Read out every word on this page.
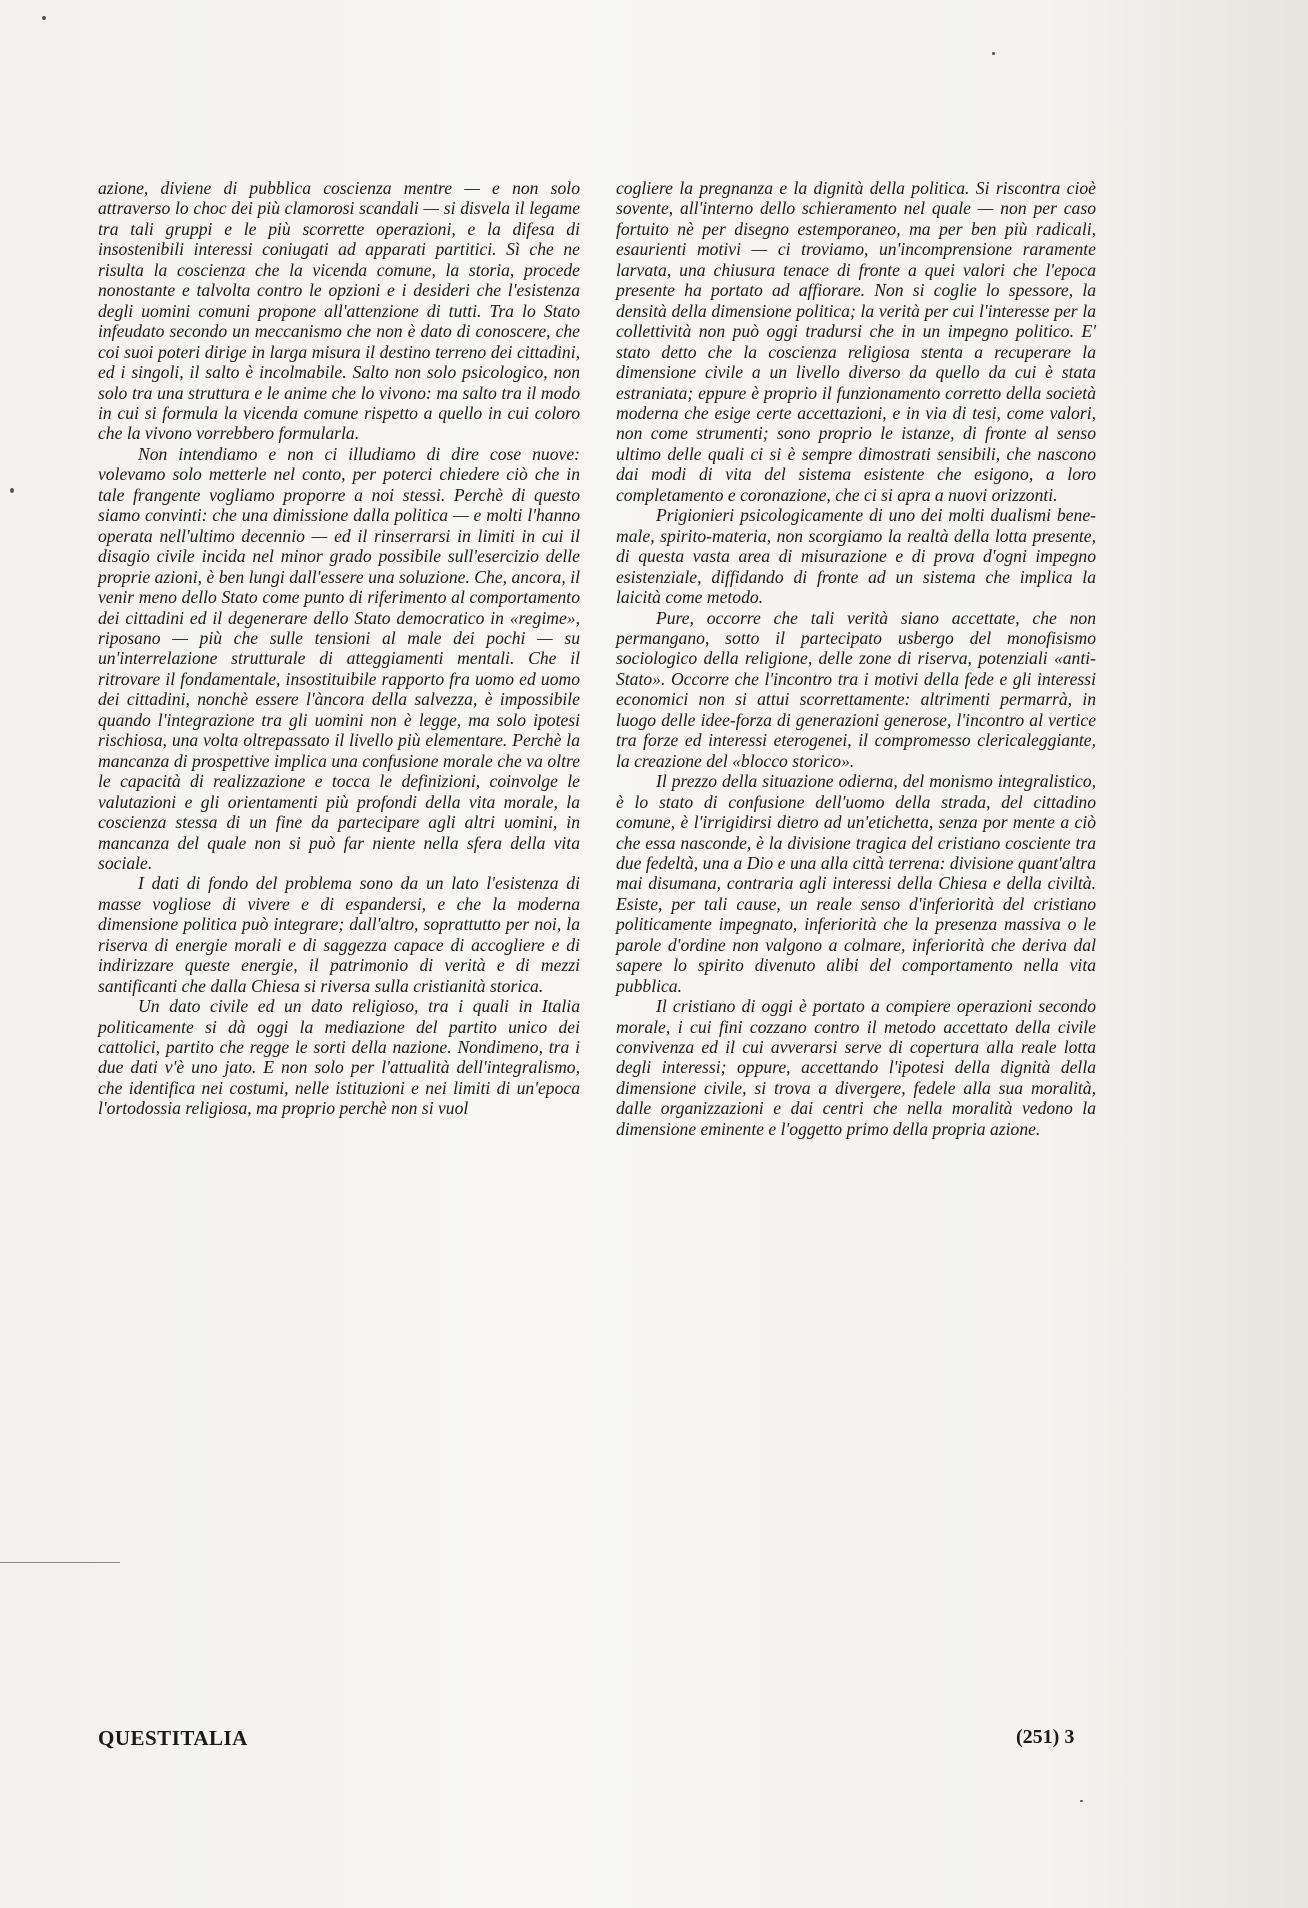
azione, diviene di pubblica coscienza mentre — e non solo attraverso lo choc dei più clamorosi scandali — si disvela il legame tra tali gruppi e le più scorrette operazioni, e la difesa di insostenibili interessi coniugati ad apparati partitici. Sì che ne risulta la coscienza che la vicenda comune, la storia, procede nonostante e talvolta contro le opzioni e i desideri che l'esistenza degli uomini comuni propone all'attenzione di tutti. Tra lo Stato infeudato secondo un meccanismo che non è dato di conoscere, che coi suoi poteri dirige in larga misura il destino terreno dei cittadini, ed i singoli, il salto è incolmabile. Salto non solo psicologico, non solo tra una struttura e le anime che lo vivono: ma salto tra il modo in cui si formula la vicenda comune rispetto a quello in cui coloro che la vivono vorrebbero formularla.

Non intendiamo e non ci illudiamo di dire cose nuove: volevamo solo metterle nel conto, per poterci chiedere ciò che in tale frangente vogliamo proporre a noi stessi. Perchè di questo siamo convinti: che una dimissione dalla politica — e molti l'hanno operata nell'ultimo decennio — ed il rinserrarsi in limiti in cui il disagio civile incida nel minor grado possibile sull'esercizio delle proprie azioni, è ben lungi dall'essere una soluzione. Che, ancora, il venir meno dello Stato come punto di riferimento al comportamento dei cittadini ed il degenerare dello Stato democratico in «regime», riposano — più che sulle tensioni al male dei pochi — su un'interrelazione strutturale di atteggiamenti mentali. Che il ritrovare il fondamentale, insostituibile rapporto fra uomo ed uomo dei cittadini, nonchè essere l'àncora della salvezza, è impossibile quando l'integrazione tra gli uomini non è legge, ma solo ipotesi rischiosa, una volta oltrepassato il livello più elementare. Perchè la mancanza di prospettive implica una confusione morale che va oltre le capacità di realizzazione e tocca le definizioni, coinvolge le valutazioni e gli orientamenti più profondi della vita morale, la coscienza stessa di un fine da partecipare agli altri uomini, in mancanza del quale non si può far niente nella sfera della vita sociale.

I dati di fondo del problema sono da un lato l'esistenza di masse vogliose di vivere e di espandersi, e che la moderna dimensione politica può integrare; dall'altro, soprattutto per noi, la riserva di energie morali e di saggezza capace di accogliere e di indirizzare queste energie, il patrimonio di verità e di mezzi santificanti che dalla Chiesa si riversa sulla cristianità storica.

Un dato civile ed un dato religioso, tra i quali in Italia politicamente si dà oggi la mediazione del partito unico dei cattolici, partito che regge le sorti della nazione. Nondimeno, tra i due dati v'è uno jato. E non solo per l'attualità dell'integralismo, che identifica nei costumi, nelle istituzioni e nei limiti di un'epoca l'ortodossia religiosa, ma proprio perchè non si vuol

cogliere la pregnanza e la dignità della politica. Si riscontra cioè sovente, all'interno dello schieramento nel quale — non per caso fortuito nè per disegno estemporaneo, ma per ben più radicali, esaurienti motivi — ci troviamo, un'incomprensione raramente larvata, una chiusura tenace di fronte a quei valori che l'epoca presente ha portato ad affiorare. Non si coglie lo spessore, la densità della dimensione politica; la verità per cui l'interesse per la collettività non può oggi tradursi che in un impegno politico. E' stato detto che la coscienza religiosa stenta a recuperare la dimensione civile a un livello diverso da quello da cui è stata estraniata; eppure è proprio il funzionamento corretto della società moderna che esige certe accettazioni, e in via di tesi, come valori, non come strumenti; sono proprio le istanze, di fronte al senso ultimo delle quali ci si è sempre dimostrati sensibili, che nascono dai modi di vita del sistema esistente che esigono, a loro completamento e coronazione, che ci si apra a nuovi orizzonti.

Prigionieri psicologicamente di uno dei molti dualismi bene-male, spirito-materia, non scorgiamo la realtà della lotta presente, di questa vasta area di misurazione e di prova d'ogni impegno esistenziale, diffidando di fronte ad un sistema che implica la laicità come metodo.

Pure, occorre che tali verità siano accettate, che non permangano, sotto il partecipato usbergo del monofisismo sociologico della religione, delle zone di riserva, potenziali «anti-Stato». Occorre che l'incontro tra i motivi della fede e gli interessi economici non si attui scorrettamente: altrimenti permarrà, in luogo delle idee-forza di generazioni generose, l'incontro al vertice tra forze ed interessi eterogenei, il compromesso clericaleggiante, la creazione del «blocco storico».

Il prezzo della situazione odierna, del monismo integralistico, è lo stato di confusione dell'uomo della strada, del cittadino comune, è l'irrigidirsi dietro ad un'etichetta, senza por mente a ciò che essa nasconde, è la divisione tragica del cristiano cosciente tra due fedeltà, una a Dio e una alla città terrena: divisione quant'altra mai disumana, contraria agli interessi della Chiesa e della civiltà. Esiste, per tali cause, un reale senso d'inferiorità del cristiano politicamente impegnato, inferiorità che la presenza massiva o le parole d'ordine non valgono a colmare, inferiorità che deriva dal sapere lo spirito divenuto alibi del comportamento nella vita pubblica.

Il cristiano di oggi è portato a compiere operazioni secondo morale, i cui fini cozzano contro il metodo accettato della civile convivenza ed il cui avverarsi serve di copertura alla reale lotta degli interessi; oppure, accettando l'ipotesi della dignità della dimensione civile, si trova a divergere, fedele alla sua moralità, dalle organizzazioni e dai centri che nella moralità vedono la dimensione eminente e l'oggetto primo della propria azione.

QUESTITALIA	(251) 3
